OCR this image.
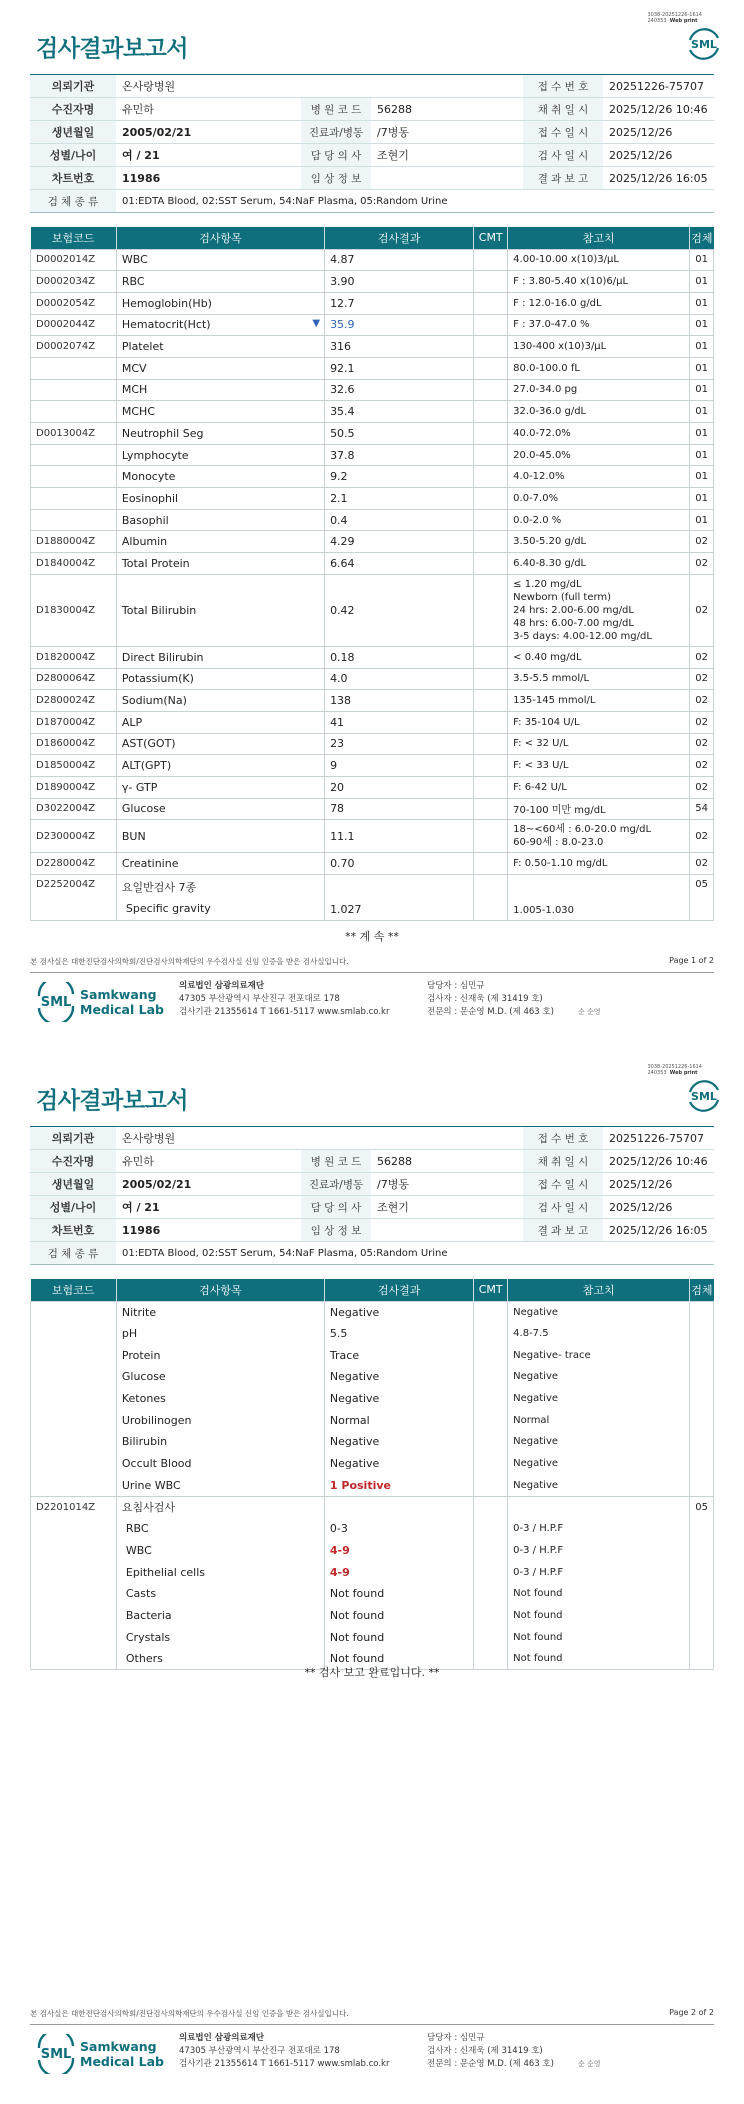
3038-20251226-1614
240353 Web print
검사결과보고서	SML
의뢰기관	온사랑병원			접 수 번 호	20251226-75707
수진자명	유민하	병 원 코 드	56288	채 취 일 시	2025/12/26 10:46
생년월일	2005/02/21	진료과/병동	/7병동	접 수 일 시	2025/12/26
성별/나이	여 / 21	담 당 의 사	조현기	검 사 일 시	2025/12/26
차트번호	11986	임 상 정 보		결 과 보 고	2025/12/26 16:05
검 체 종 류	01:EDTA Blood, 02:SST Serum, 54:NaF Plasma, 05:Random Urine				
보험코드	검사항목	검사결과	CMT	참고치	검체
D0002014Z	WBC	4.87		4.00-10.00 x(10)3/μL	01
D0002034Z	RBC	3.90		F : 3.80-5.40 x(10)6/μL	01
D0002054Z	Hemoglobin(Hb)	12.7		F : 12.0-16.0 g/dL	01
D0002044Z	Hematocrit(Hct) ▼	35.9		F : 37.0-47.0 %	01
D0002074Z	Platelet	316		130-400 x(10)3/μL	01
	MCV	92.1		80.0-100.0 fL	01
	MCH	32.6		27.0-34.0 pg	01
	MCHC	35.4		32.0-36.0 g/dL	01
D0013004Z	Neutrophil Seg	50.5		40.0-72.0%	01
	Lymphocyte	37.8		20.0-45.0%	01
	Monocyte	9.2		4.0-12.0%	01
	Eosinophil	2.1		0.0-7.0%	01
	Basophil	0.4		0.0-2.0 %	01
D1880004Z	Albumin	4.29		3.50-5.20 g/dL	02
D1840004Z	Total Protein	6.64		6.40-8.30 g/dL	02
D1830004Z	Total Bilirubin	0.42		≤ 1.20 mg/dL
Newborn (full term)
24 hrs: 2.00-6.00 mg/dL
48 hrs: 6.00-7.00 mg/dL
3-5 days: 4.00-12.00 mg/dL	02
D1820004Z	Direct Bilirubin	0.18		< 0.40 mg/dL	02
D2800064Z	Potassium(K)	4.0		3.5-5.5 mmol/L	02
D2800024Z	Sodium(Na)	138		135-145 mmol/L	02
D1870004Z	ALP	41		F: 35-104 U/L	02
D1860004Z	AST(GOT)	23		F: < 32 U/L	02
D1850004Z	ALT(GPT)	9		F: < 33 U/L	02
D1890004Z	γ- GTP	20		F: 6-42 U/L	02
D3022004Z	Glucose	78		70-100 미만 mg/dL	54
D2300004Z	BUN	11.1		18~<60세 : 6.0-20.0 mg/dL
60-90세 : 8.0-23.0	02
D2280004Z	Creatinine	0.70		F: 0.50-1.10 mg/dL	02
D2252004Z	요일반검사 7종
Specific gravity	1.027		1.005-1.030	05
** 계 속 **
본 검사실은 대한진단검사의학회/진단검사의학재단의 우수검사실 신임 인증을 받은 검사실입니다.	Page 1 of 2
SML
Samkwang
Medical Lab
의료법인 삼광의료재단
47305 부산광역시 부산진구 전포대로 178
검사기관 21355614 T 1661-5117 www.smlab.co.kr
담당자 : 심민규
검사자 : 신재욱 (제 31419 호)
전문의 : 문순영 M.D. (제 463 호)	순 순영
3038-20251226-1614
240353 Web print
검사결과보고서	SML
의뢰기관	온사랑병원			접 수 번 호	20251226-75707
수진자명	유민하	병 원 코 드	56288	채 취 일 시	2025/12/26 10:46
생년월일	2005/02/21	진료과/병동	/7병동	접 수 일 시	2025/12/26
성별/나이	여 / 21	담 당 의 사	조현기	검 사 일 시	2025/12/26
차트번호	11986	임 상 정 보		결 과 보 고	2025/12/26 16:05
검 체 종 류	01:EDTA Blood, 02:SST Serum, 54:NaF Plasma, 05:Random Urine				
보험코드	검사항목	검사결과	CMT	참고치	검체
	Nitrite	Negative		Negative	
	pH	5.5		4.8-7.5	
	Protein	Trace		Negative- trace	
	Glucose	Negative		Negative	
	Ketones	Negative		Negative	
	Urobilinogen	Normal		Normal	
	Bilirubin	Negative		Negative	
	Occult Blood	Negative		Negative	
	Urine WBC	1 Positive		Negative	
D2201014Z	요침사검사				05
	RBC	0-3		0-3 / H.P.F	
	WBC	4-9		0-3 / H.P.F	
	Epithelial cells	4-9		0-3 / H.P.F	
	Casts	Not found		Not found	
	Bacteria	Not found		Not found	
	Crystals	Not found		Not found	
	Others	Not found		Not found	
** 검사 보고 완료입니다. **
본 검사실은 대한진단검사의학회/진단검사의학재단의 우수검사실 신임 인증을 받은 검사실입니다.	Page 2 of 2
SML
Samkwang
Medical Lab
의료법인 삼광의료재단
47305 부산광역시 부산진구 전포대로 178
검사기관 21355614 T 1661-5117 www.smlab.co.kr
담당자 : 심민규
검사자 : 신재욱 (제 31419 호)
전문의 : 문순영 M.D. (제 463 호)	순 순영
